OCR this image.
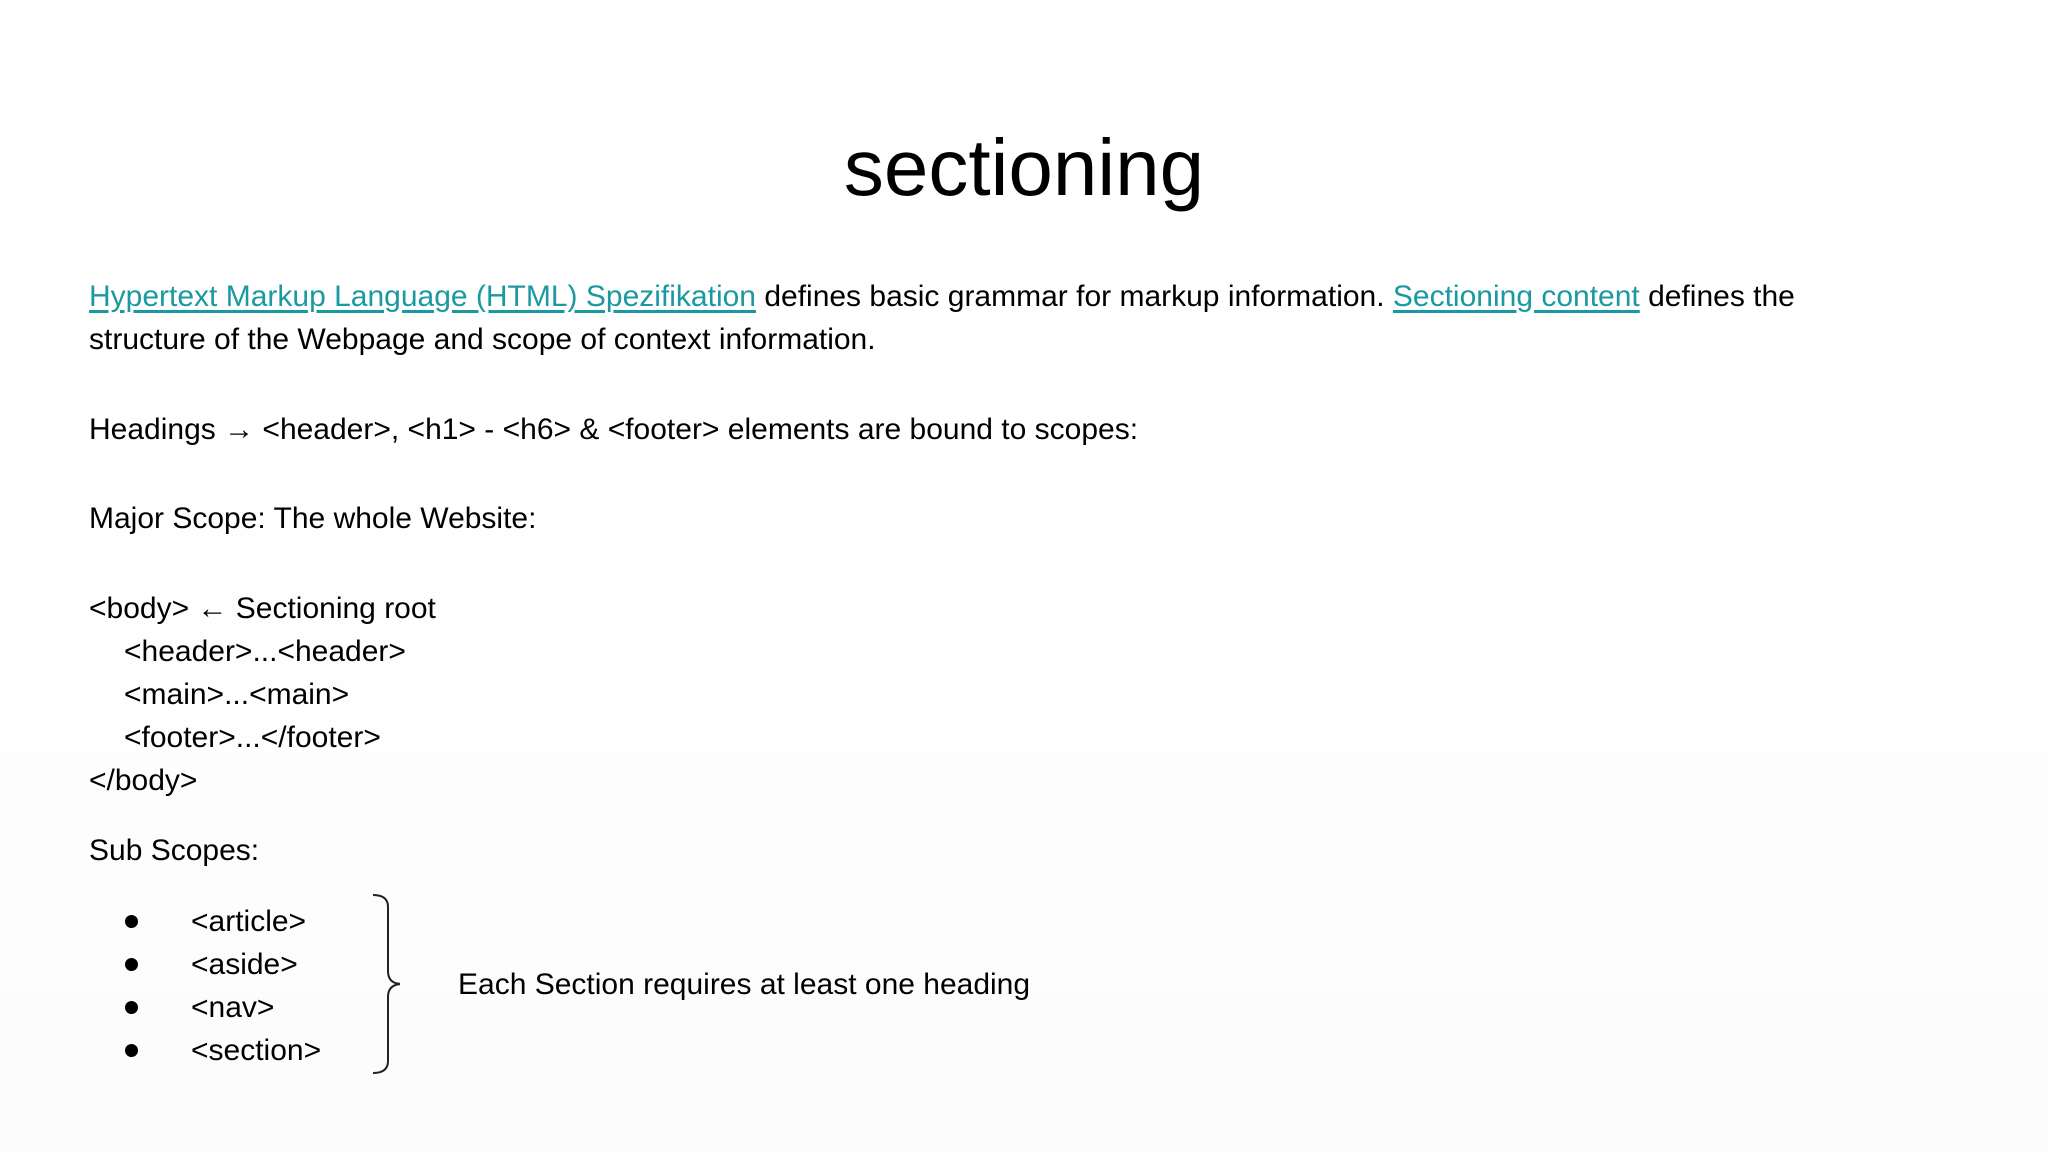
sectioning
Hypertext Markup Language (HTML) Spezifikation defines basic grammar for markup information. Sectioning content defines the
structure of the Webpage and scope of context information.
Headings → <header>, <h1> - <h6> & <footer> elements are bound to scopes:
Major Scope: The whole Website:
<body> ← Sectioning root
<header>...<header>
<main>...<main>
<footer>...</footer>
</body>
Sub Scopes:
<article>
<aside>
<nav>
<section>
Each Section requires at least one heading
